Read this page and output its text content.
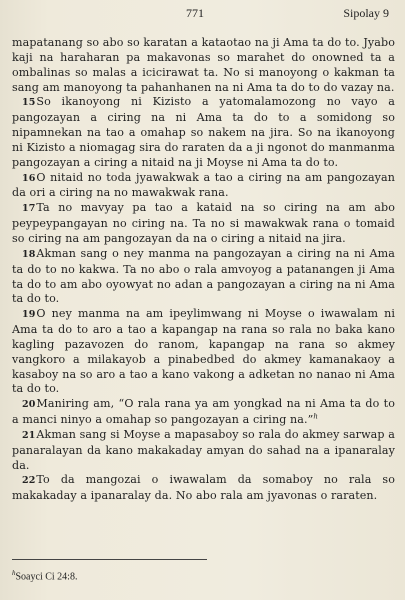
771	Sipolay 9

mapatanang so abo so karatan a kataotao na ji Ama ta do to. Jyabo kaji na haraharan pa makavonas so marahet do onowned ta a ombalinas so malas a icicirawat ta. No si manoyong o kakman ta sang am manoyong ta pahanhanen na ni Ama ta do to do vazay na.

15So ikanoyong ni Kizisto a yatomalamozong no vayo a pangozayan a ciring na ni Ama ta do to a somidong so nipamnekan na tao a omahap so nakem na jira. So na ikanoyong ni Kizisto a niomagag sira do raraten da a ji ngonot do manmanma pangozayan a ciring a nitaid na ji Moyse ni Ama ta do to.

16O nitaid no toda jyawakwak a tao a ciring na am pangozayan da ori a ciring na no mawakwak rana.

17Ta no mavyay pa tao a kataid na so ciring na am abo peypeypangayan no ciring na. Ta no si mawakwak rana o tomaid so ciring na am pangozayan da na o ciring a nitaid na jira.

18Akman sang o ney manma na pangozayan a ciring na ni Ama ta do to no kakwa. Ta no abo o rala amvoyog a patanangen ji Ama ta do to am abo oyowyat no adan a pangozayan a ciring na ni Ama ta do to.

19O ney manma na am ipeylimwang ni Moyse o iwawalam ni Ama ta do to aro a tao a kapangap na rana so rala no baka kano kagling pazavozen do ranom, kapangap na rana so akmey vangkoro a milakayob a pinabedbed do akmey kamanakaoy a kasaboy na so aro a tao a kano vakong a adketan no nanao ni Ama ta do to.

20Maniring am, “O rala rana ya am yongkad na ni Ama ta do to a manci ninyo a omahap so pangozayan a ciring na.”$^h$

21Akman sang si Moyse a mapasaboy so rala do akmey sarwap a panaralayan da kano makakaday amyan do sahad na a ipanaralay da.

22To da mangozai o iwawalam da somaboy no rala so makakaday a ipanaralay da. No abo rala am jyavonas o raraten.

$^h$Soayci Ci 24:8.
